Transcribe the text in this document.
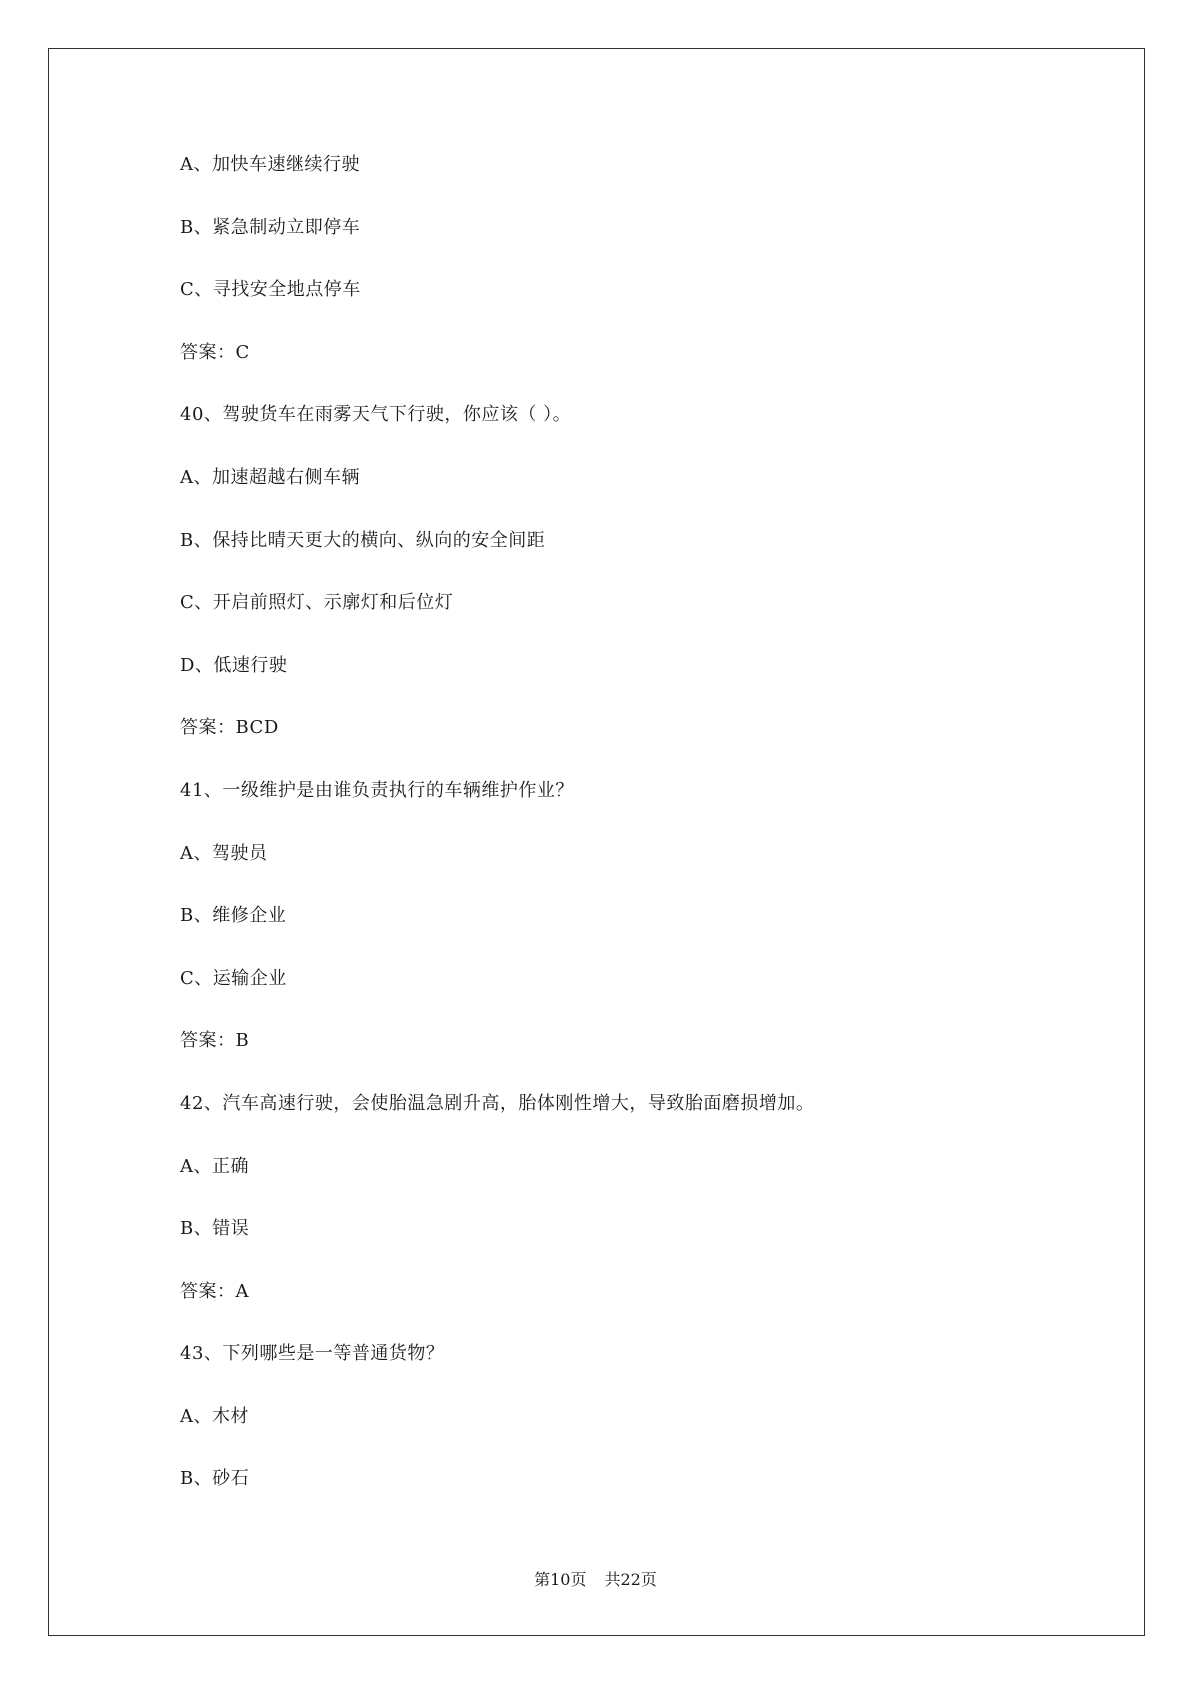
A、加快车速继续行驶
B、紧急制动立即停车
C、寻找安全地点停车
答案：C
40、驾驶货车在雨雾天气下行驶，你应该（ ）。
A、加速超越右侧车辆
B、保持比晴天更大的横向、纵向的安全间距
C、开启前照灯、示廓灯和后位灯
D、低速行驶
答案：BCD
41、一级维护是由谁负责执行的车辆维护作业？
A、驾驶员
B、维修企业
C、运输企业
答案：B
42、汽车高速行驶，会使胎温急剧升高，胎体刚性增大，导致胎面磨损增加。
A、正确
B、错误
答案：A
43、下列哪些是一等普通货物？
A、木材
B、砂石
第10页 共22页
